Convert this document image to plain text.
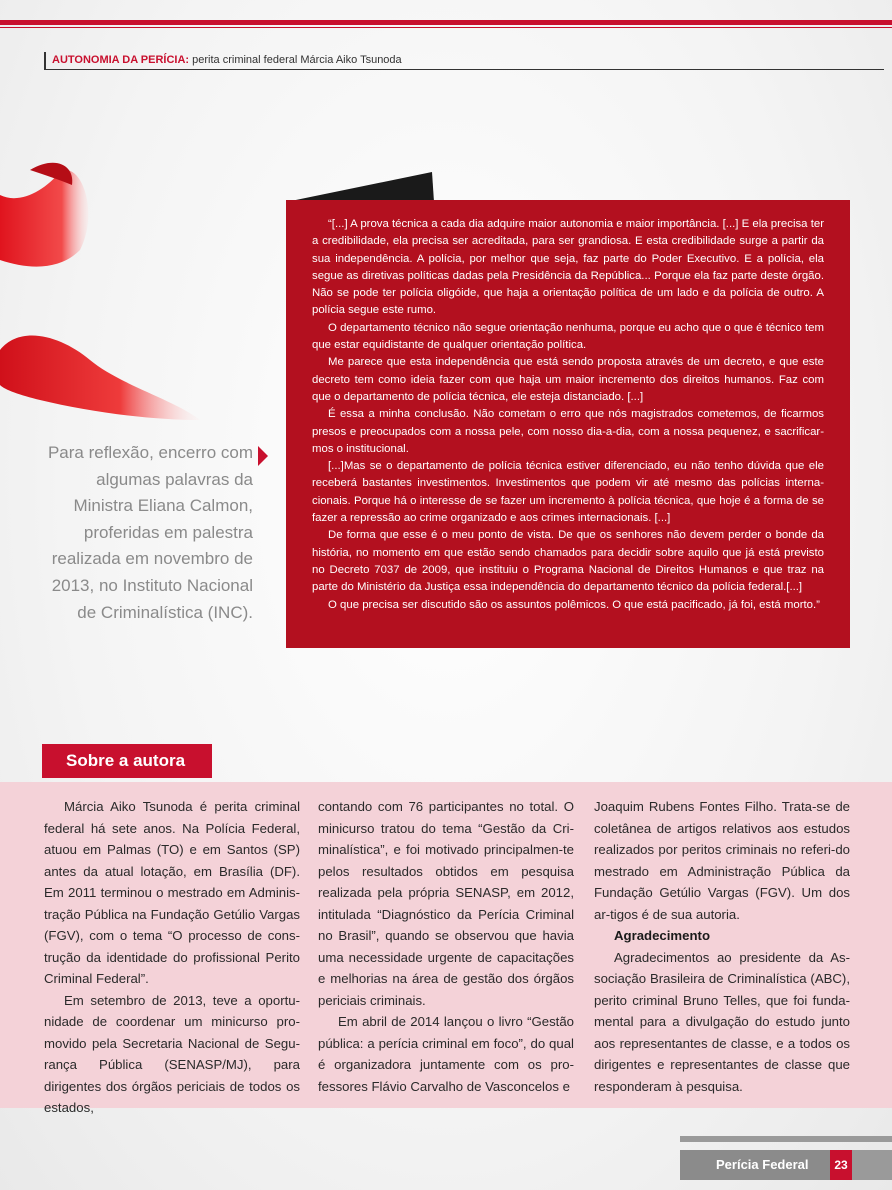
AUTONOMIA DA PERÍCIA: perita criminal federal Márcia Aiko Tsunoda

“[...] A prova técnica a cada dia adquire maior autonomia e maior importância. [...] E ela precisa ter a credibilidade, ela precisa ser acreditada, para ser grandiosa. E esta credibilidade surge a partir da sua independência. A polícia, por melhor que seja, faz parte do Poder Executivo. E a polícia, ela segue as diretivas políticas dadas pela Presidência da República... Porque ela faz parte deste órgão. Não se pode ter polícia oligóide, que haja a orientação política de um lado e da polícia de outro. A polícia segue este rumo.

O departamento técnico não segue orientação nenhuma, porque eu acho que o que é técnico tem que estar equidistante de qualquer orientação política.

Me parece que esta independência que está sendo proposta através de um decreto, e que este decreto tem como ideia fazer com que haja um maior incremento dos direitos humanos. Faz com que o departamento de polícia técnica, ele esteja distanciado. [...]

É essa a minha conclusão. Não cometam o erro que nós magistrados cometemos, de ficarmos presos e preocupados com a nossa pele, com nosso dia-a-dia, com a nossa pequenez, e sacrificar-mos o institucional.

[...]Mas se o departamento de polícia técnica estiver diferenciado, eu não tenho dúvida que ele receberá bastantes investimentos. Investimentos que podem vir até mesmo das polícias interna-cionais. Porque há o interesse de se fazer um incremento à polícia técnica, que hoje é a forma de se fazer a repressão ao crime organizado e aos crimes internacionais. [...]

De forma que esse é o meu ponto de vista. De que os senhores não devem perder o bonde da história, no momento em que estão sendo chamados para decidir sobre aquilo que já está previsto no Decreto 7037 de 2009, que instituiu o Programa Nacional de Direitos Humanos e que traz na parte do Ministério da Justiça essa independência do departamento técnico da polícia federal.[...]

O que precisa ser discutido são os assuntos polêmicos. O que está pacificado, já foi, está morto.”

Para reflexão, encerro com algumas palavras da Ministra Eliana Calmon, proferidas em palestra realizada em novembro de 2013, no Instituto Nacional de Criminalística (INC).
Sobre a autora

Márcia Aiko Tsunoda é perita criminal federal há sete anos. Na Polícia Federal, atuou em Palmas (TO) e em Santos (SP) antes da atual lotação, em Brasília (DF). Em 2011 terminou o mestrado em Adminis-tração Pública na Fundação Getúlio Vargas (FGV), com o tema “O processo de cons-trução da identidade do profissional Perito Criminal Federal”.

Em setembro de 2013, teve a oportu-nidade de coordenar um minicurso pro-movido pela Secretaria Nacional de Segu-rança Pública (SENASP/MJ), para dirigentes dos órgãos periciais de todos os estados,

contando com 76 participantes no total. O minicurso tratou do tema “Gestão da Cri-minalística”, e foi motivado principalmen-te pelos resultados obtidos em pesquisa realizada pela própria SENASP, em 2012, intitulada “Diagnóstico da Perícia Criminal no Brasil”, quando se observou que havia uma necessidade urgente de capacitações e melhorias na área de gestão dos órgãos periciais criminais.

Em abril de 2014 lançou o livro “Gestão pública: a perícia criminal em foco”, do qual é organizadora juntamente com os pro-fessores Flávio Carvalho de Vasconcelos e

Joaquim Rubens Fontes Filho. Trata-se de coletânea de artigos relativos aos estudos realizados por peritos criminais no referi-do mestrado em Administração Pública da Fundação Getúlio Vargas (FGV). Um dos ar-tigos é de sua autoria.

Agradecimento

Agradecimentos ao presidente da As-sociação Brasileira de Criminalística (ABC), perito criminal Bruno Telles, que foi funda-mental para a divulgação do estudo junto aos representantes de classe, e a todos os dirigentes e representantes de classe que responderam à pesquisa.

Perícia Federal	23
